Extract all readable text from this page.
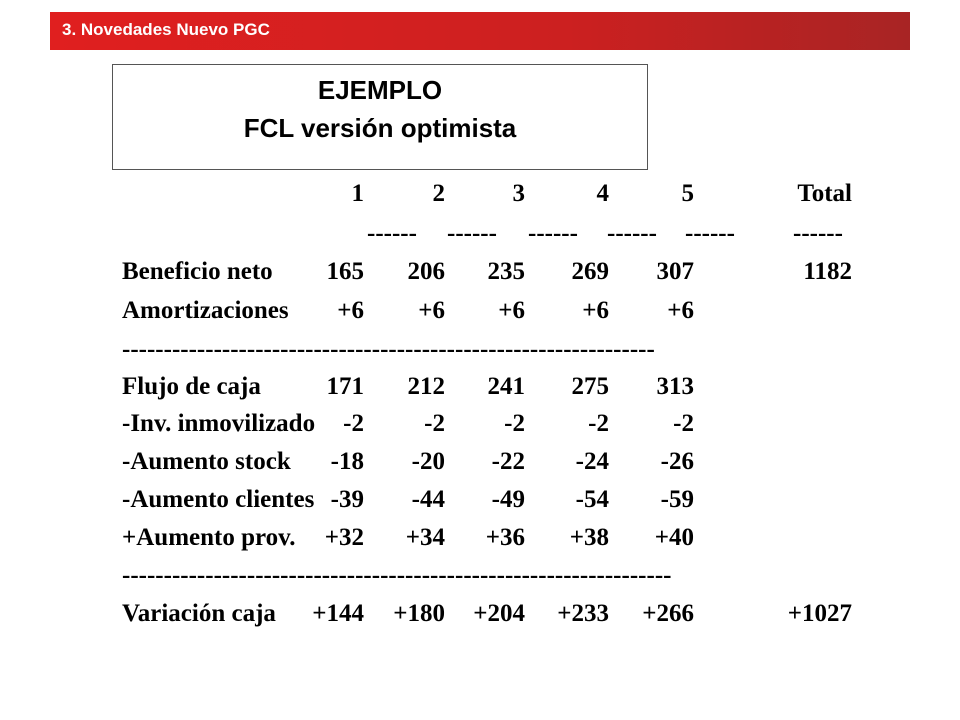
3. Novedades Nuevo PGC
EJEMPLO
FCL versión optimista
1	2	3	4	5	Total
------ ------ ------ ------ ------ ------
Beneficio neto 165 206 235 269 307	1182
Amortizaciones +6 +6 +6 +6 +6
----------------------------------------------------------------
Flujo de caja	171 212 241 275 313
-Inv. inmovilizado -2 -2 -2	-2	-2
-Aumento stock -18 -20 -22 -24 -26
-Aumento clientes -39 -44 -49 -54 -59
+Aumento prov. +32 +34 +36 +38 +40
------------------------------------------------------------------
Variación caja +144 +180 +204 +233 +266	+1027
